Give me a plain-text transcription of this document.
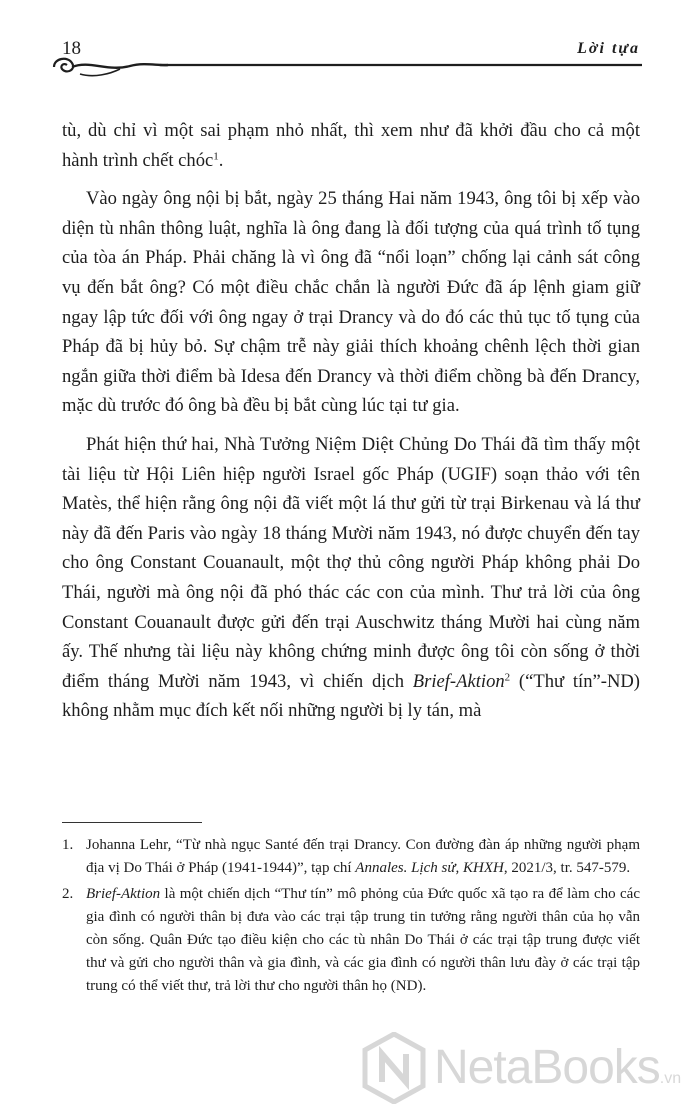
18	Lời tựa

tù, dù chỉ vì một sai phạm nhỏ nhất, thì xem như đã khởi đầu cho cả một hành trình chết chóc$^1$.

Vào ngày ông nội bị bắt, ngày 25 tháng Hai năm 1943, ông tôi bị xếp vào diện tù nhân thông luật, nghĩa là ông đang là đối tượng của quá trình tố tụng của tòa án Pháp. Phải chăng là vì ông đã “nổi loạn” chống lại cảnh sát công vụ đến bắt ông? Có một điều chắc chắn là người Đức đã áp lệnh giam giữ ngay lập tức đối với ông ngay ở trại Drancy và do đó các thủ tục tố tụng của Pháp đã bị hủy bỏ. Sự chậm trễ này giải thích khoảng chênh lệch thời gian ngắn giữa thời điểm bà Idesa đến Drancy và thời điểm chồng bà đến Drancy, mặc dù trước đó ông bà đều bị bắt cùng lúc tại tư gia.

Phát hiện thứ hai, Nhà Tưởng Niệm Diệt Chủng Do Thái đã tìm thấy một tài liệu từ Hội Liên hiệp người Israel gốc Pháp (UGIF) soạn thảo với tên Matès, thể hiện rằng ông nội đã viết một lá thư gửi từ trại Birkenau và lá thư này đã đến Paris vào ngày 18 tháng Mười năm 1943, nó được chuyển đến tay cho ông Constant Couanault, một thợ thủ công người Pháp không phải Do Thái, người mà ông nội đã phó thác các con của mình. Thư trả lời của ông Constant Couanault được gửi đến trại Auschwitz tháng Mười hai cùng năm ấy. Thế nhưng tài liệu này không chứng minh được ông tôi còn sống ở thời điểm tháng Mười năm 1943, vì chiến dịch Brief-Aktion$^2$ (“Thư tín”-ND) không nhằm mục đích kết nối những người bị ly tán, mà

1. Johanna Lehr, “Từ nhà ngục Santé đến trại Drancy. Con đường đàn áp những người phạm địa vị Do Thái ở Pháp (1941-1944)”, tạp chí Annales. Lịch sử, KHXH, 2021/3, tr. 547-579.
2. Brief-Aktion là một chiến dịch “Thư tín” mô phỏng của Đức quốc xã tạo ra để làm cho các gia đình có người thân bị đưa vào các trại tập trung tin tưởng rằng người thân của họ vẫn còn sống. Quân Đức tạo điều kiện cho các tù nhân Do Thái ở các trại tập trung được viết thư và gửi cho người thân và gia đình, và các gia đình có người thân lưu đày ở các trại tập trung có thể viết thư, trả lời thư cho người thân họ (ND).
NetaBooks.vn
